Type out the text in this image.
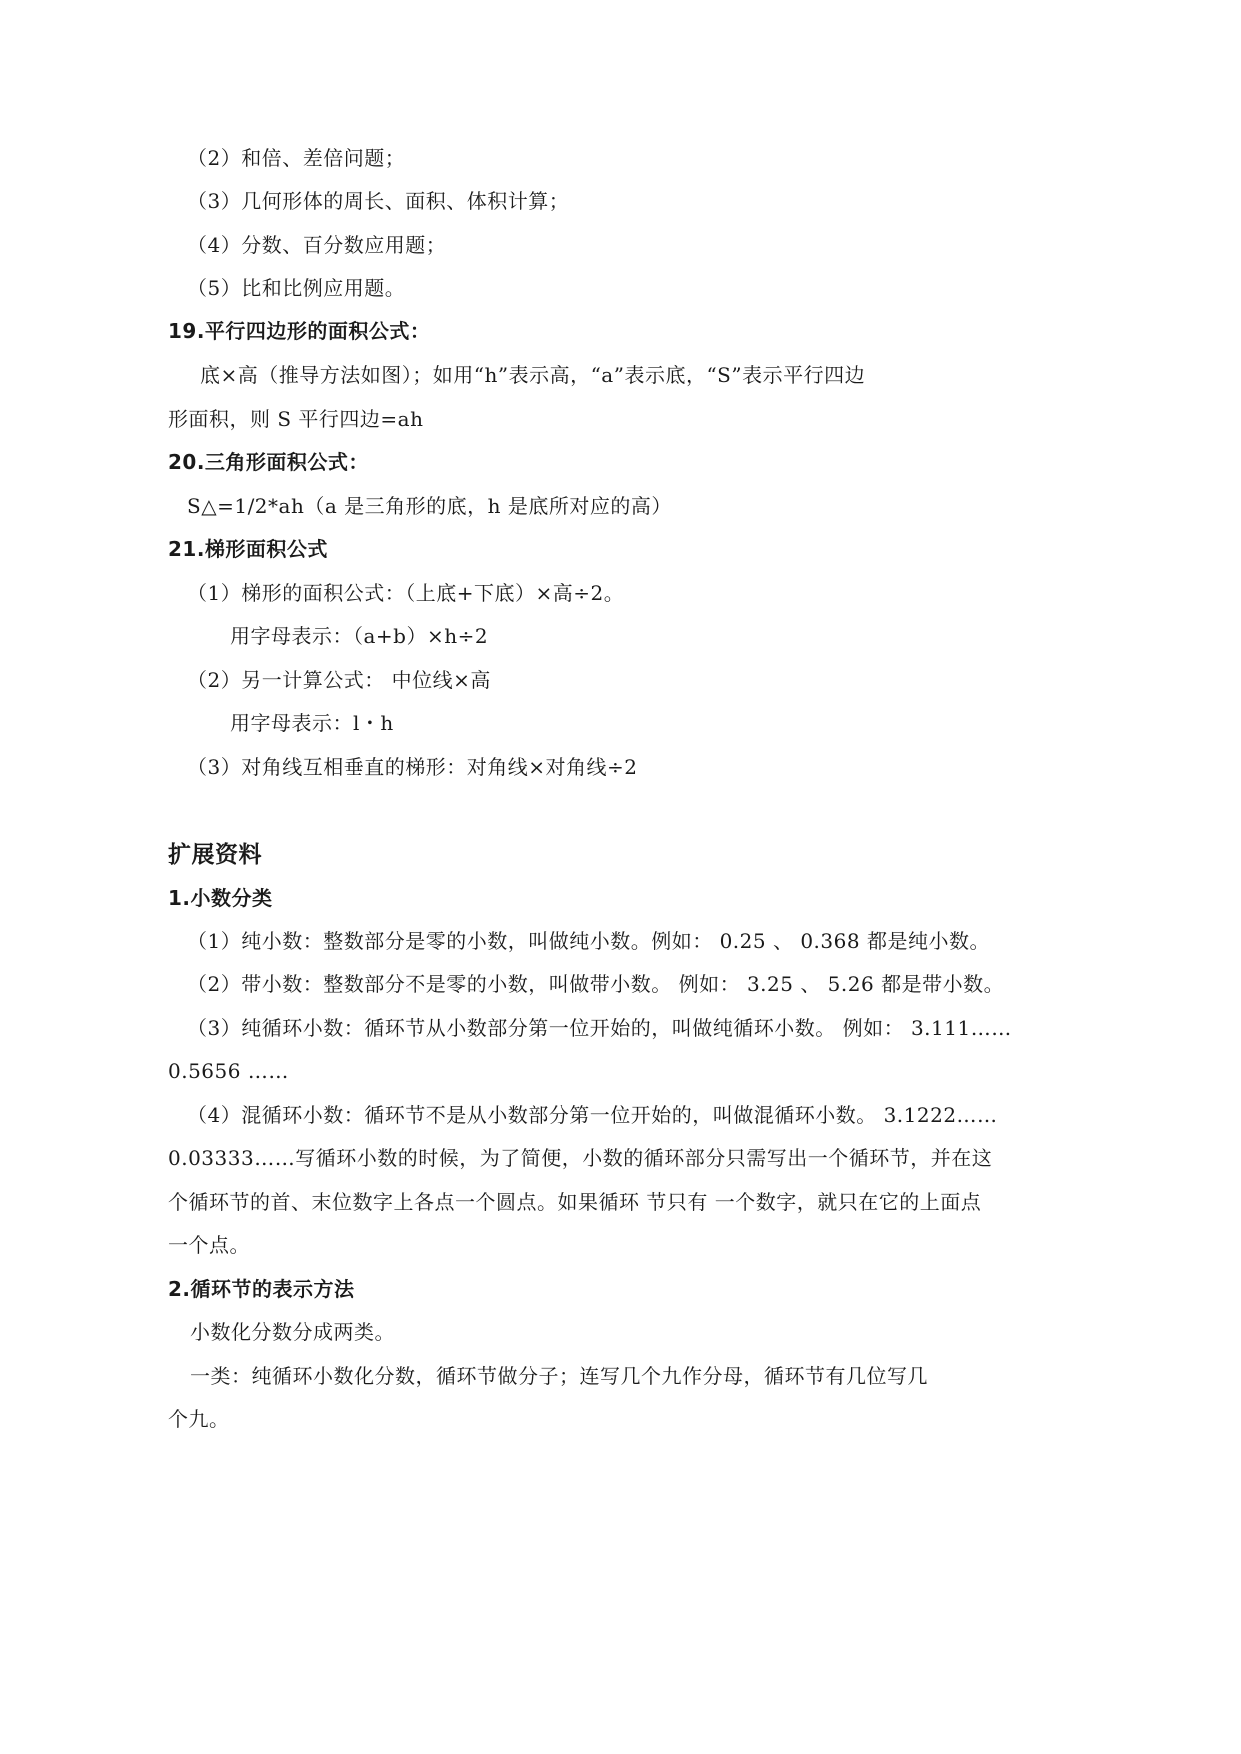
（2）和倍、差倍问题；
（3）几何形体的周长、面积、体积计算；
（4）分数、百分数应用题；
（5）比和比例应用题。
19.平行四边形的面积公式：
底×高（推导方法如图）；如用“h”表示高，“a”表示底，“S”表示平行四边
形面积，则 S 平行四边=ah
20.三角形面积公式：
S△=1/2*ah（a 是三角形的底，h 是底所对应的高）
21.梯形面积公式
（1）梯形的面积公式：（上底+下底）×高÷2。
用字母表示：（a+b）×h÷2
（2）另一计算公式： 中位线×高
用字母表示：l・h
（3）对角线互相垂直的梯形：对角线×对角线÷2
扩展资料
1.小数分类
（1）纯小数：整数部分是零的小数，叫做纯小数。例如： 0.25 、 0.368 都是纯小数。
（2）带小数：整数部分不是零的小数，叫做带小数。 例如： 3.25 、 5.26 都是带小数。
（3）纯循环小数：循环节从小数部分第一位开始的，叫做纯循环小数。 例如： 3.111……
0.5656 ……
（4）混循环小数：循环节不是从小数部分第一位开始的，叫做混循环小数。 3.1222……
0.03333……写循环小数的时候，为了简便，小数的循环部分只需写出一个循环节，并在这
个循环节的首、末位数字上各点一个圆点。如果循环 节只有 一个数字，就只在它的上面点
一个点。
2.循环节的表示方法
小数化分数分成两类。
一类：纯循环小数化分数，循环节做分子；连写几个九作分母，循环节有几位写几
个九。
